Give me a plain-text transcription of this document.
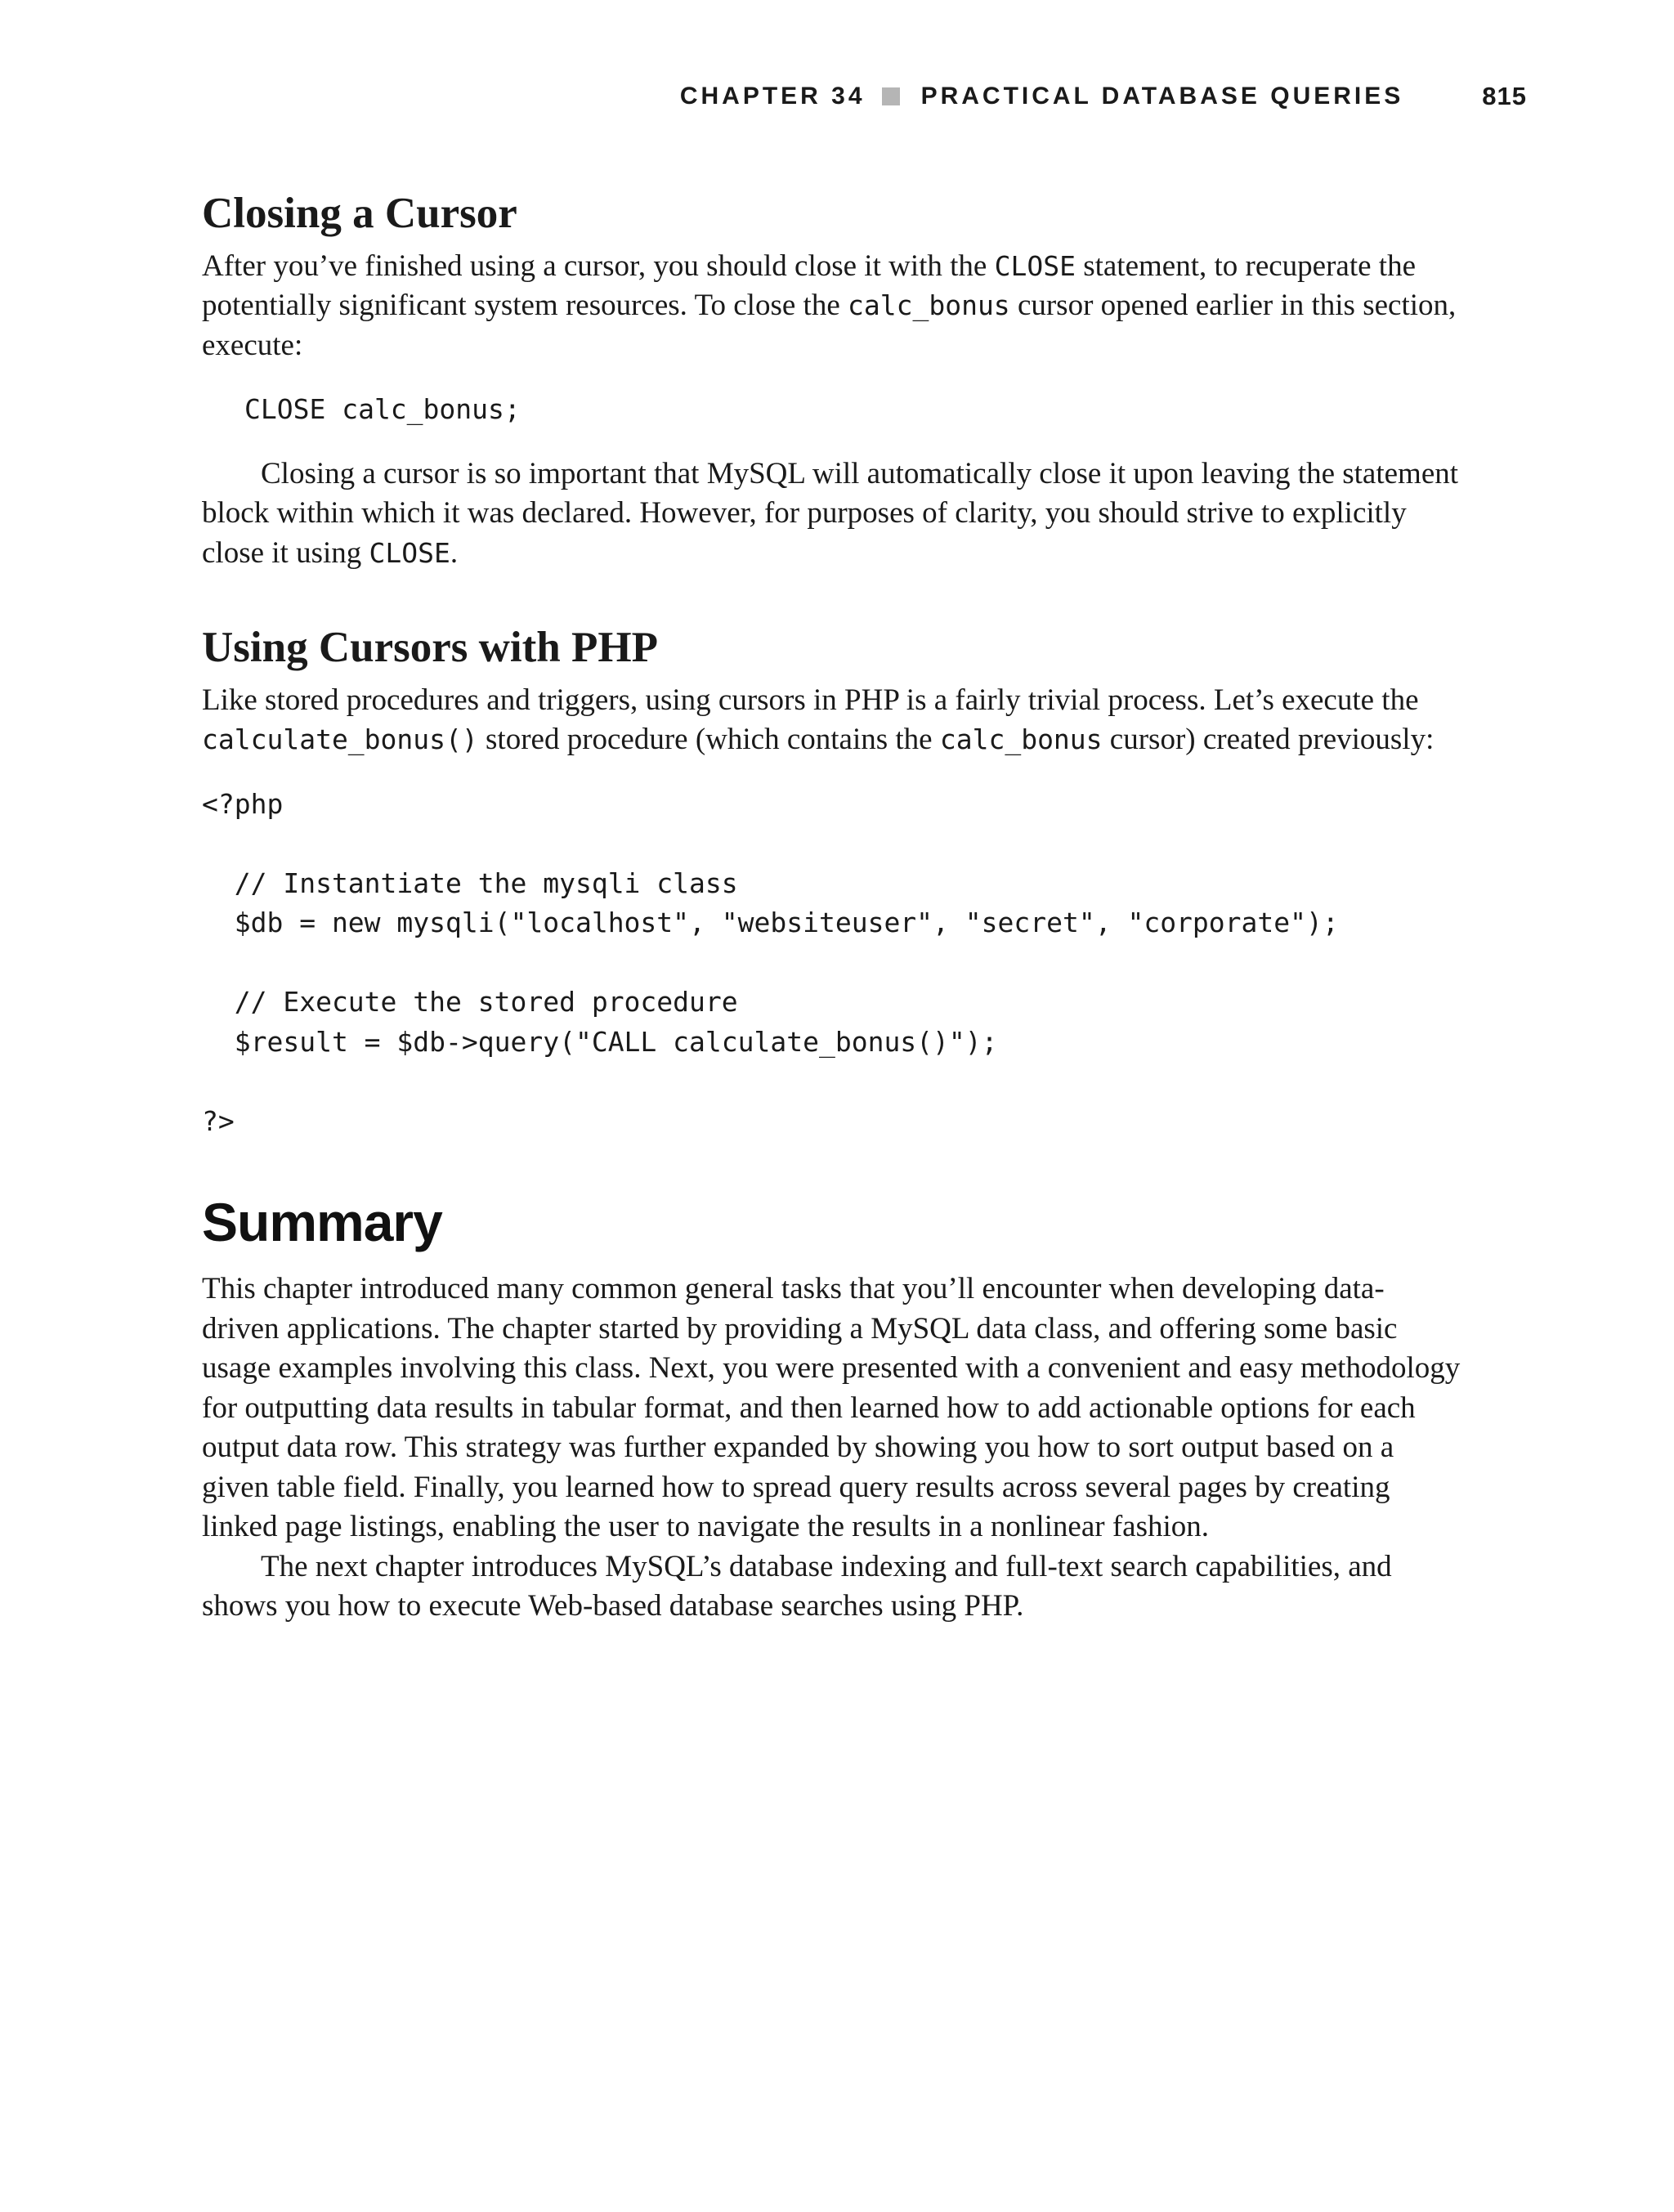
CHAPTER 34 PRACTICAL DATABASE QUERIES	815
Closing a Cursor

After you’ve finished using a cursor, you should close it with the CLOSE statement, to recuperate the potentially significant system resources. To close the calc_bonus cursor opened earlier in this section, execute:

CLOSE calc_bonus;

Closing a cursor is so important that MySQL will automatically close it upon leaving the statement block within which it was declared. However, for purposes of clarity, you should strive to explicitly close it using CLOSE.

Using Cursors with PHP

Like stored procedures and triggers, using cursors in PHP is a fairly trivial process. Let’s execute the calculate_bonus() stored procedure (which contains the calc_bonus cursor) created previously:

<?php

// Instantiate the mysqli class
$db = new mysqli("localhost", "websiteuser", "secret", "corporate");

// Execute the stored procedure
$result = $db->query("CALL calculate_bonus()");

?>
Summary

This chapter introduced many common general tasks that you’ll encounter when developing data-driven applications. The chapter started by providing a MySQL data class, and offering some basic usage examples involving this class. Next, you were presented with a convenient and easy methodology for outputting data results in tabular format, and then learned how to add actionable options for each output data row. This strategy was further expanded by showing you how to sort output based on a given table field. Finally, you learned how to spread query results across several pages by creating linked page listings, enabling the user to navigate the results in a nonlinear fashion.

The next chapter introduces MySQL’s database indexing and full-text search capabilities, and shows you how to execute Web-based database searches using PHP.
